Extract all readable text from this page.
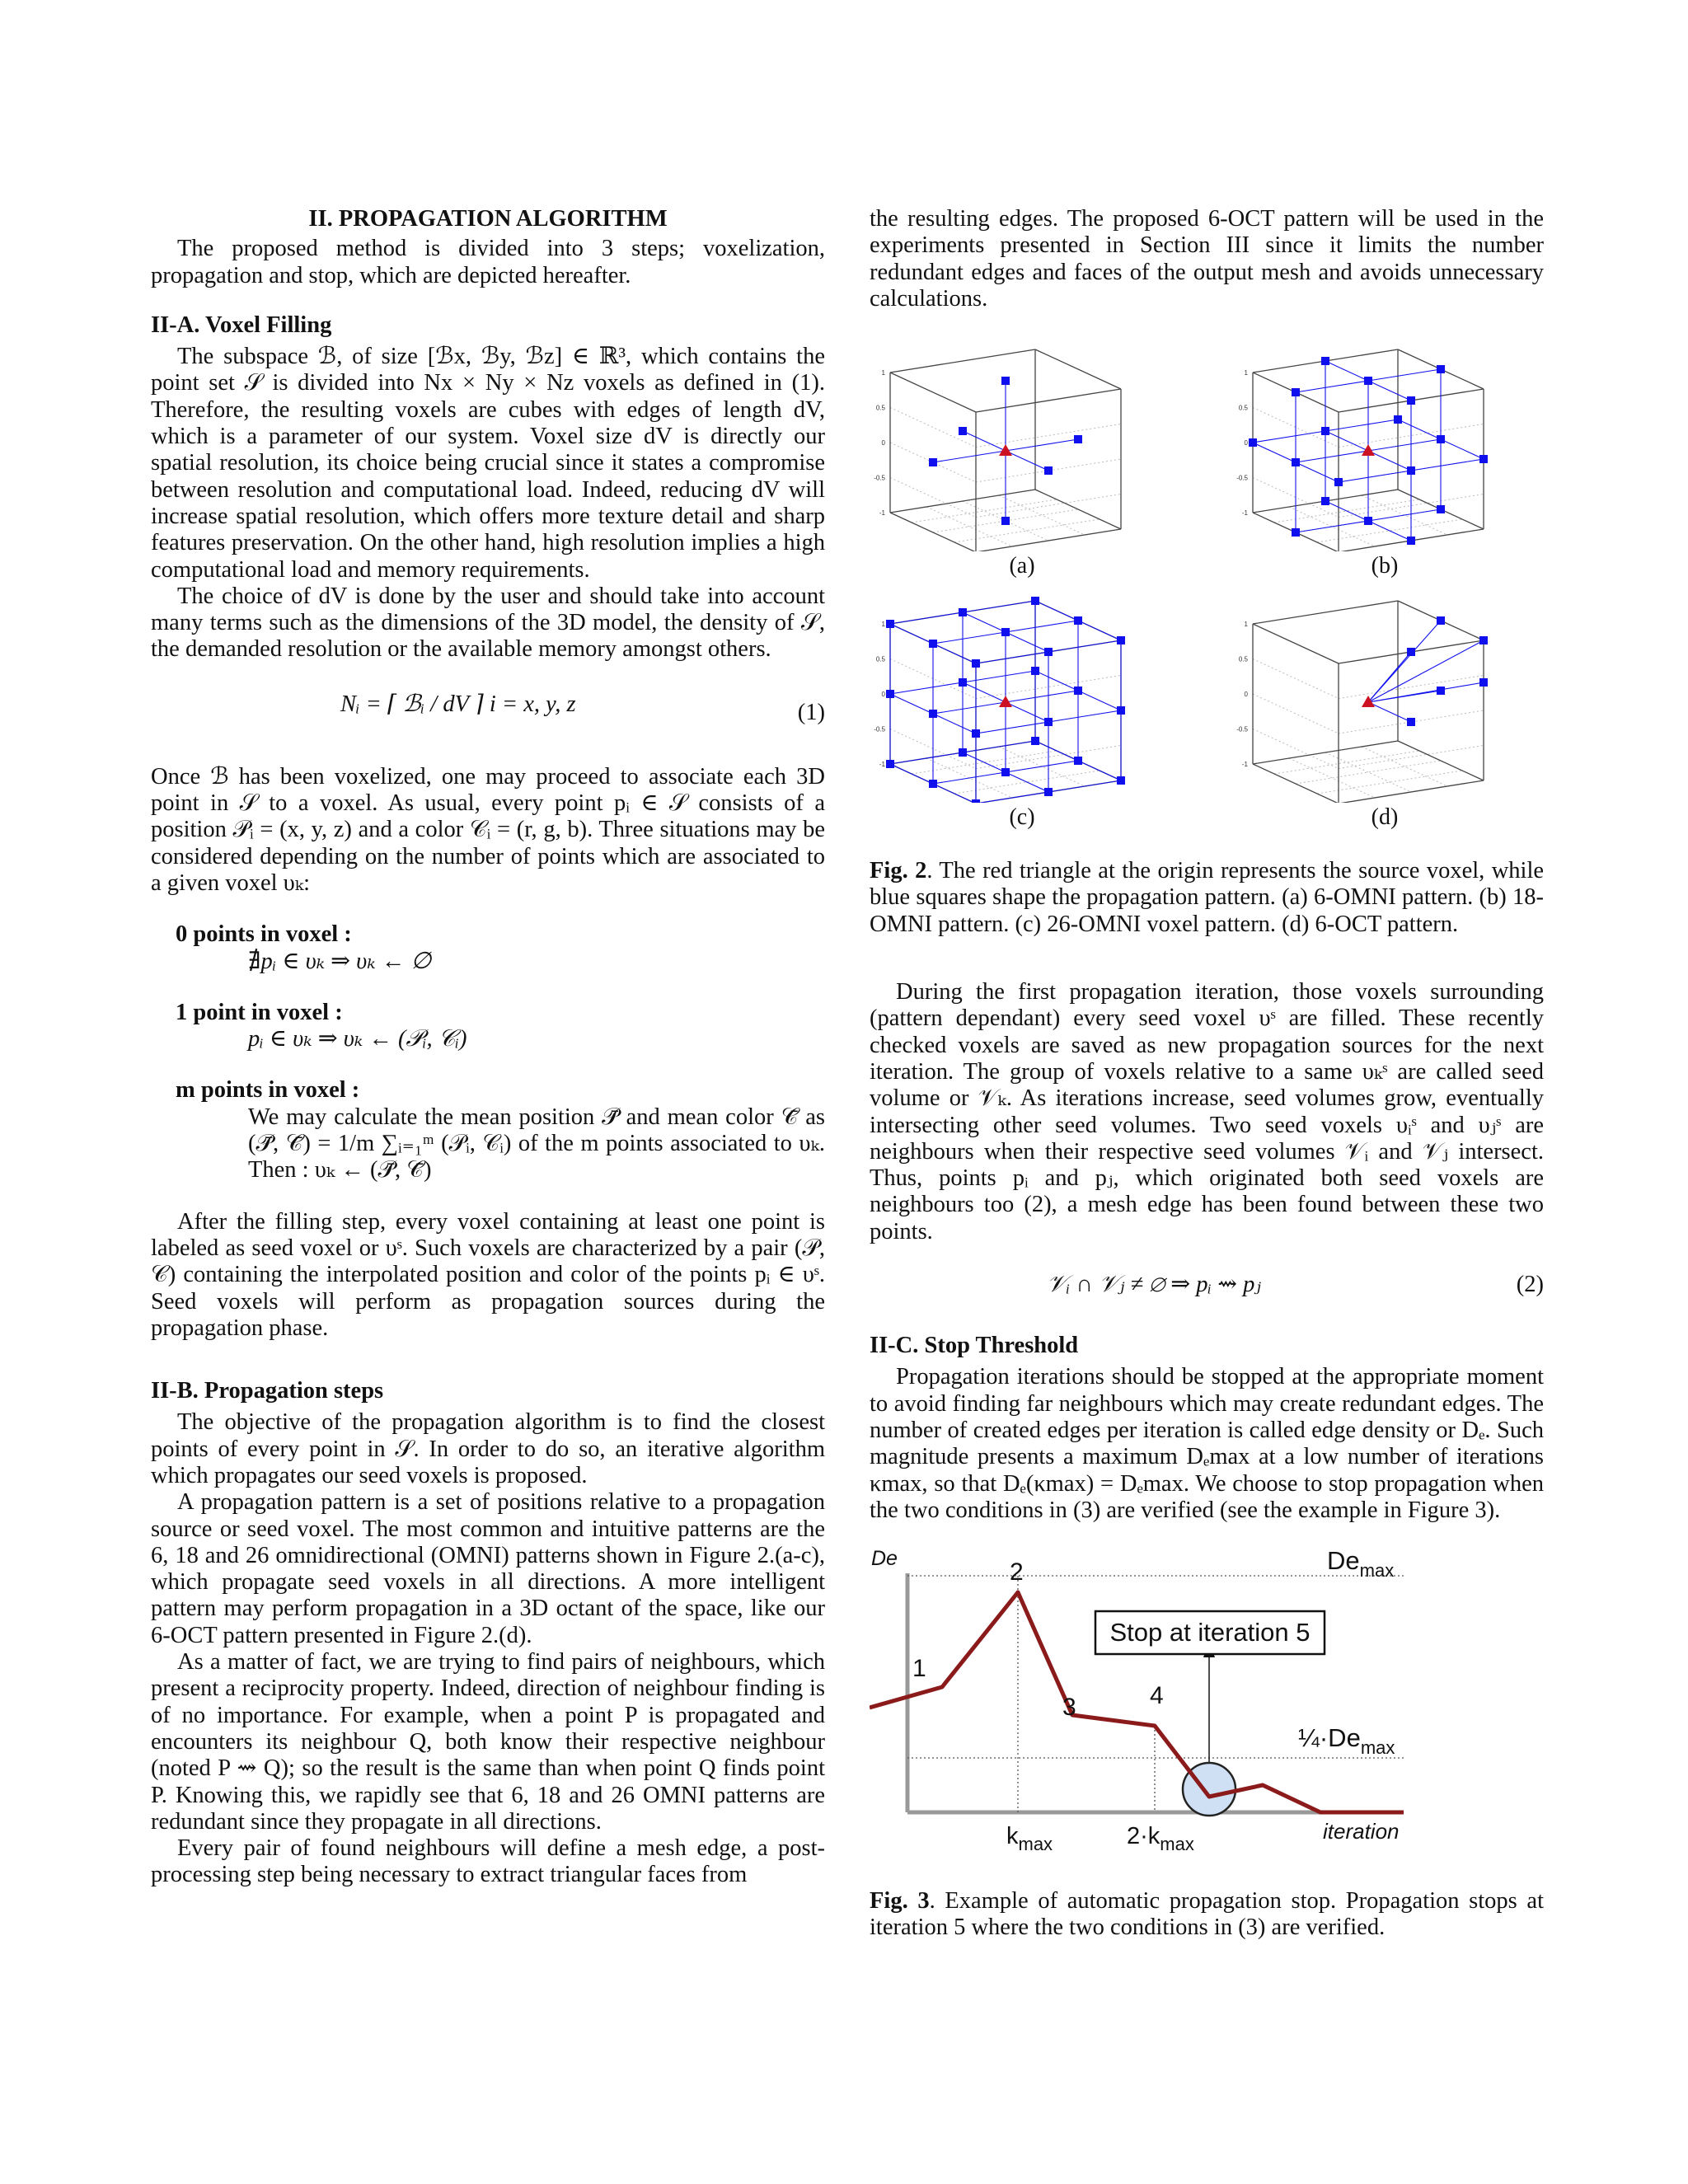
II. PROPAGATION ALGORITHM

The proposed method is divided into 3 steps; voxelization, propagation and stop, which are depicted hereafter.

II-A. Voxel Filling

The subspace ℬ, of size [ℬx, ℬy, ℬz] ∈ ℝ³, which contains the point set 𝒮 is divided into Nx × Ny × Nz voxels as defined in (1). Therefore, the resulting voxels are cubes with edges of length dV, which is a parameter of our system. Voxel size dV is directly our spatial resolution, its choice being crucial since it states a compromise between resolution and computational load. Indeed, reducing dV will increase spatial resolution, which offers more texture detail and sharp features preservation. On the other hand, high resolution implies a high computational load and memory requirements.

The choice of dV is done by the user and should take into account many terms such as the dimensions of the 3D model, the density of 𝒮, the demanded resolution or the available memory amongst others.

Nᵢ = ⌈ ℬᵢ / dV ⌉ i = x, y, z	(1)

Once ℬ has been voxelized, one may proceed to associate each 3D point in 𝒮 to a voxel. As usual, every point pᵢ ∈ 𝒮 consists of a position 𝒫ᵢ = (x, y, z) and a color 𝒞ᵢ = (r, g, b). Three situations may be considered depending on the number of points which are associated to a given voxel υₖ:

0 points in voxel :
∄pᵢ ∈ υₖ ⇒ υₖ ← ∅
1 point in voxel :
pᵢ ∈ υₖ ⇒ υₖ ← (𝒫ᵢ, 𝒞ᵢ)
m points in voxel :
We may calculate the mean position 𝒫̄ and mean color 𝒞̄ as (𝒫̄, 𝒞̄) = 1/m ∑ᵢ₌₁ᵐ (𝒫ᵢ, 𝒞ᵢ) of the m points associated to υₖ. Then : υₖ ← (𝒫̄, 𝒞̄)

After the filling step, every voxel containing at least one point is labeled as seed voxel or υˢ. Such voxels are characterized by a pair (𝒫, 𝒞) containing the interpolated position and color of the points pᵢ ∈ υˢ. Seed voxels will perform as propagation sources during the propagation phase.

II-B. Propagation steps

The objective of the propagation algorithm is to find the closest points of every point in 𝒮. In order to do so, an iterative algorithm which propagates our seed voxels is proposed.

A propagation pattern is a set of positions relative to a propagation source or seed voxel. The most common and intuitive patterns are the 6, 18 and 26 omnidirectional (OMNI) patterns shown in Figure 2.(a-c), which propagate seed voxels in all directions. A more intelligent pattern may perform propagation in a 3D octant of the space, like our 6-OCT pattern presented in Figure 2.(d).

As a matter of fact, we are trying to find pairs of neighbours, which present a reciprocity property. Indeed, direction of neighbour finding is of no importance. For example, when a point P is propagated and encounters its neighbour Q, both know their respective neighbour (noted P ⇝ Q); so the result is the same than when point Q finds point P. Knowing this, we rapidly see that 6, 18 and 26 OMNI patterns are redundant since they propagate in all directions.

Every pair of found neighbours will define a mesh edge, a post-processing step being necessary to extract triangular faces from

the resulting edges. The proposed 6-OCT pattern will be used in the experiments presented in Section III since it limits the number redundant edges and faces of the output mesh and avoids unnecessary calculations.

1
0.5
0
-0.5
-1
1
0.5
0
-0.5
-1
1
0.5
0
-0.5
-1
1
0.5
0
-0.5
-1
(a)	(b)
(c)	(d)

Fig. 2. The red triangle at the origin represents the source voxel, while blue squares shape the propagation pattern. (a) 6-OMNI pattern. (b) 18-OMNI pattern. (c) 26-OMNI voxel pattern. (d) 6-OCT pattern.

During the first propagation iteration, those voxels surrounding (pattern dependant) every seed voxel υˢ are filled. These recently checked voxels are saved as new propagation sources for the next iteration. The group of voxels relative to a same υₖˢ are called seed volume or 𝒱ₖ. As iterations increase, seed volumes grow, eventually intersecting other seed volumes. Two seed voxels υᵢˢ and υⱼˢ are neighbours when their respective seed volumes 𝒱ᵢ and 𝒱ⱼ intersect. Thus, points pᵢ and pⱼ, which originated both seed voxels are neighbours too (2), a mesh edge has been found between these two points.

𝒱ᵢ ∩ 𝒱ⱼ ≠ ∅ ⇒ pᵢ ⇝ pⱼ	(2)

II-C. Stop Threshold

Propagation iterations should be stopped at the appropriate moment to avoid finding far neighbours which may create redundant edges. The number of created edges per iteration is called edge density or Dₑ. Such magnitude presents a maximum Dₑmax at a low number of iterations κmax, so that Dₑ(κmax) = Dₑmax. We choose to stop propagation when the two conditions in (3) are verified (see the example in Figure 3).

Stop at iteration 5
De	$De_{max}$
$\frac{1}{4}\cdot De_{max}$
1
2
3	4
$k_{max}$	$2\cdot k_{max}$
iteration

Fig. 3. Example of automatic propagation stop. Propagation stops at iteration 5 where the two conditions in (3) are verified.
